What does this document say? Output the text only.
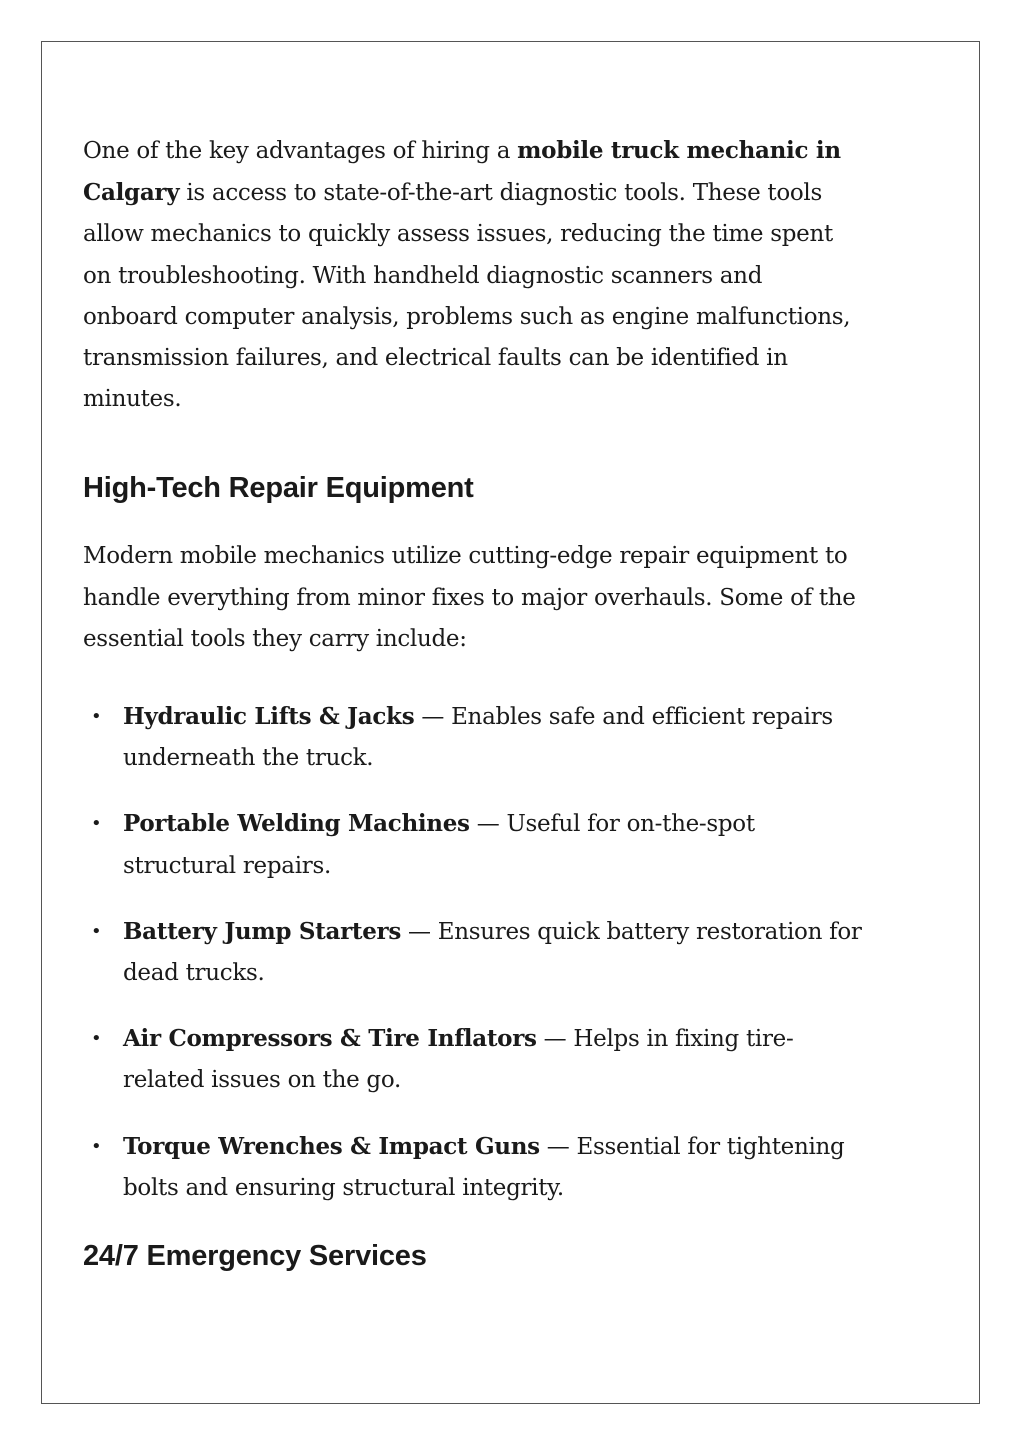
One of the key advantages of hiring a mobile truck mechanic in Calgary is access to state-of-the-art diagnostic tools. These tools allow mechanics to quickly assess issues, reducing the time spent on troubleshooting. With handheld diagnostic scanners and onboard computer analysis, problems such as engine malfunctions, transmission failures, and electrical faults can be identified in minutes.

High-Tech Repair Equipment

Modern mobile mechanics utilize cutting-edge repair equipment to handle everything from minor fixes to major overhauls. Some of the essential tools they carry include:

• Hydraulic Lifts & Jacks — Enables safe and efficient repairs underneath the truck.
• Portable Welding Machines — Useful for on-the-spot structural repairs.
• Battery Jump Starters — Ensures quick battery restoration for dead trucks.
• Air Compressors & Tire Inflators — Helps in fixing tire-related issues on the go.
• Torque Wrenches & Impact Guns — Essential for tightening bolts and ensuring structural integrity.
24/7 Emergency Services
